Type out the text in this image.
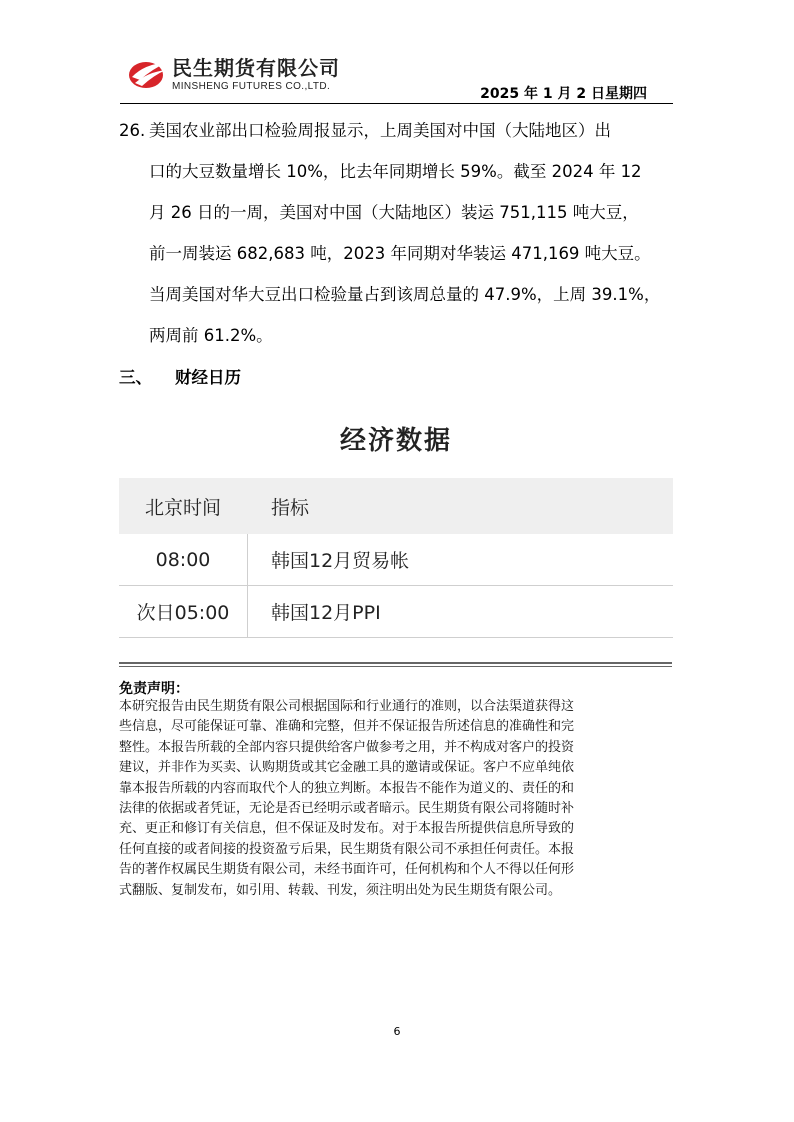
民生期货有限公司
MINSHENG FUTURES CO.,LTD.	2025 年 1 月 2 日星期四
26. 美国农业部出口检验周报显示，上周美国对中国（大陆地区）出
口的大豆数量增长 10%，比去年同期增长 59%。截至 2024 年 12
月 26 日的一周，美国对中国（大陆地区）装运 751,115 吨大豆，
前一周装运 682,683 吨，2023 年同期对华装运 471,169 吨大豆。
当周美国对华大豆出口检验量占到该周总量的 47.9%，上周 39.1%，
两周前 61.2%。
三、 财经日历
经济数据
北京时间	指标
08:00	韩国12月贸易帐
次日05:00	韩国12月PPI
免责声明：
本研究报告由民生期货有限公司根据国际和行业通行的准则，以合法渠道获得这
些信息，尽可能保证可靠、准确和完整，但并不保证报告所述信息的准确性和完
整性。本报告所载的全部内容只提供给客户做参考之用，并不构成对客户的投资
建议，并非作为买卖、认购期货或其它金融工具的邀请或保证。客户不应单纯依
靠本报告所载的内容而取代个人的独立判断。本报告不能作为道义的、责任的和
法律的依据或者凭证，无论是否已经明示或者暗示。民生期货有限公司将随时补
充、更正和修订有关信息，但不保证及时发布。对于本报告所提供信息所导致的
任何直接的或者间接的投资盈亏后果，民生期货有限公司不承担任何责任。本报
告的著作权属民生期货有限公司，未经书面许可，任何机构和个人不得以任何形
式翻版、复制发布，如引用、转载、刊发，须注明出处为民生期货有限公司。
6
